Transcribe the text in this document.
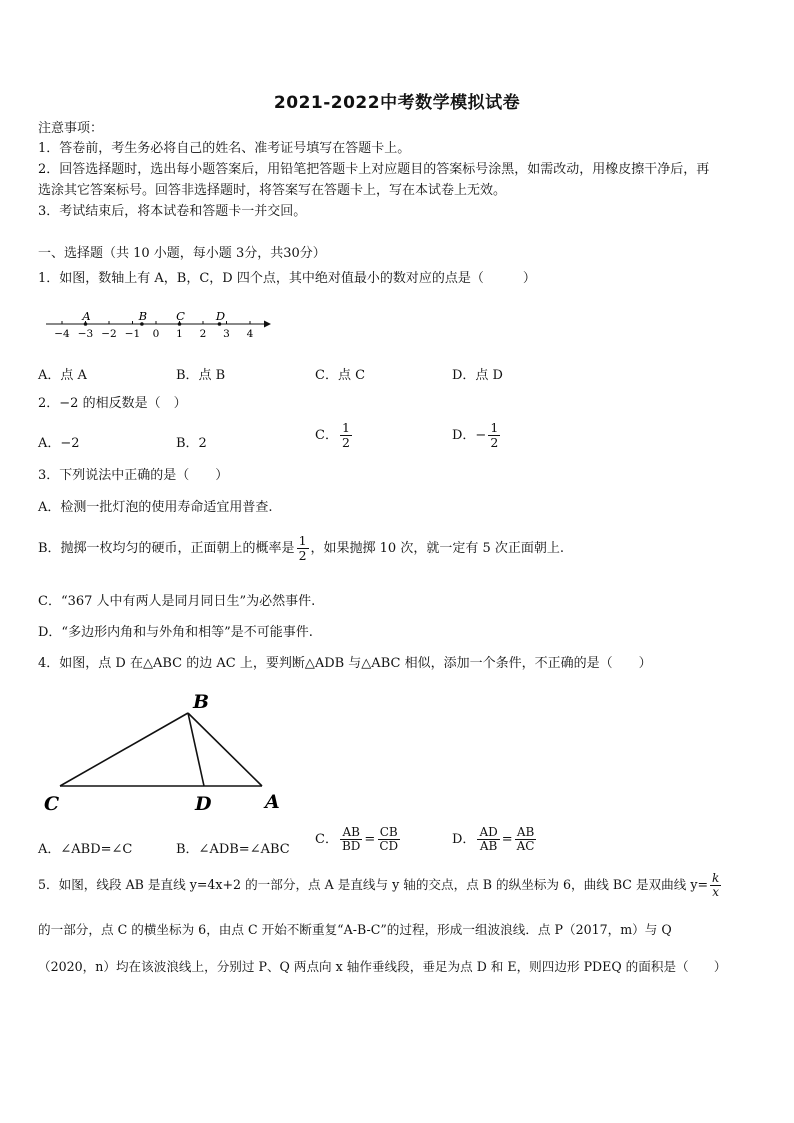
2021-2022中考数学模拟试卷
注意事项：
1．答卷前，考生务必将自己的姓名、准考证号填写在答题卡上。
2．回答选择题时，选出每小题答案后，用铅笔把答题卡上对应题目的答案标号涂黑，如需改动，用橡皮擦干净后，再
选涂其它答案标号。回答非选择题时，将答案写在答题卡上，写在本试卷上无效。
3．考试结束后，将本试卷和答题卡一并交回。
一、选择题（共 10 小题，每小题 3分，共30分）
1．如图，数轴上有 A，B，C，D 四个点，其中绝对值最小的数对应的点是（　　　）
−4 −3 −2 −1 0 1 2 3 4
A	B	C	D
A．点 A	B．点 B	C．点 C	D．点 D
2．−2 的相反数是（　）
A．−2	B．2
C． $\frac{1}{2}$	D．− $\frac{1}{2}$
3．下列说法中正确的是（　　）
A．检测一批灯泡的使用寿命适宜用普查.
B．抛掷一枚均匀的硬币，正面朝上的概率是 $\frac{1}{2}$ ，如果抛掷 10 次，就一定有 5 次正面朝上.
C．“367 人中有两人是同月同日生”为必然事件.
D．“多边形内角和与外角和相等”是不可能事件.
4．如图，点 D 在△ABC 的边 AC 上，要判断△ADB 与△ABC 相似，添加一个条件，不正确的是（　　）
B
C	D	A
A．∠ABD=∠C	B．∠ADB=∠ABC
C． $\frac{AB}{BD} = \frac{CB}{CD}$	D． $\frac{AD}{AB} = \frac{AB}{AC}$
5．如图，线段 AB 是直线 y=4x+2 的一部分，点 A 是直线与 y 轴的交点，点 B 的纵坐标为 6，曲线 BC 是双曲线 $y= \frac{k}{x}$
的一部分，点 C 的横坐标为 6，由点 C 开始不断重复“A-B-C”的过程，形成一组波浪线．点 P（2017，m）与 Q
（2020，n）均在该波浪线上，分别过 P、Q 两点向 x 轴作垂线段，垂足为点 D 和 E，则四边形 PDEQ 的面积是（　　）
